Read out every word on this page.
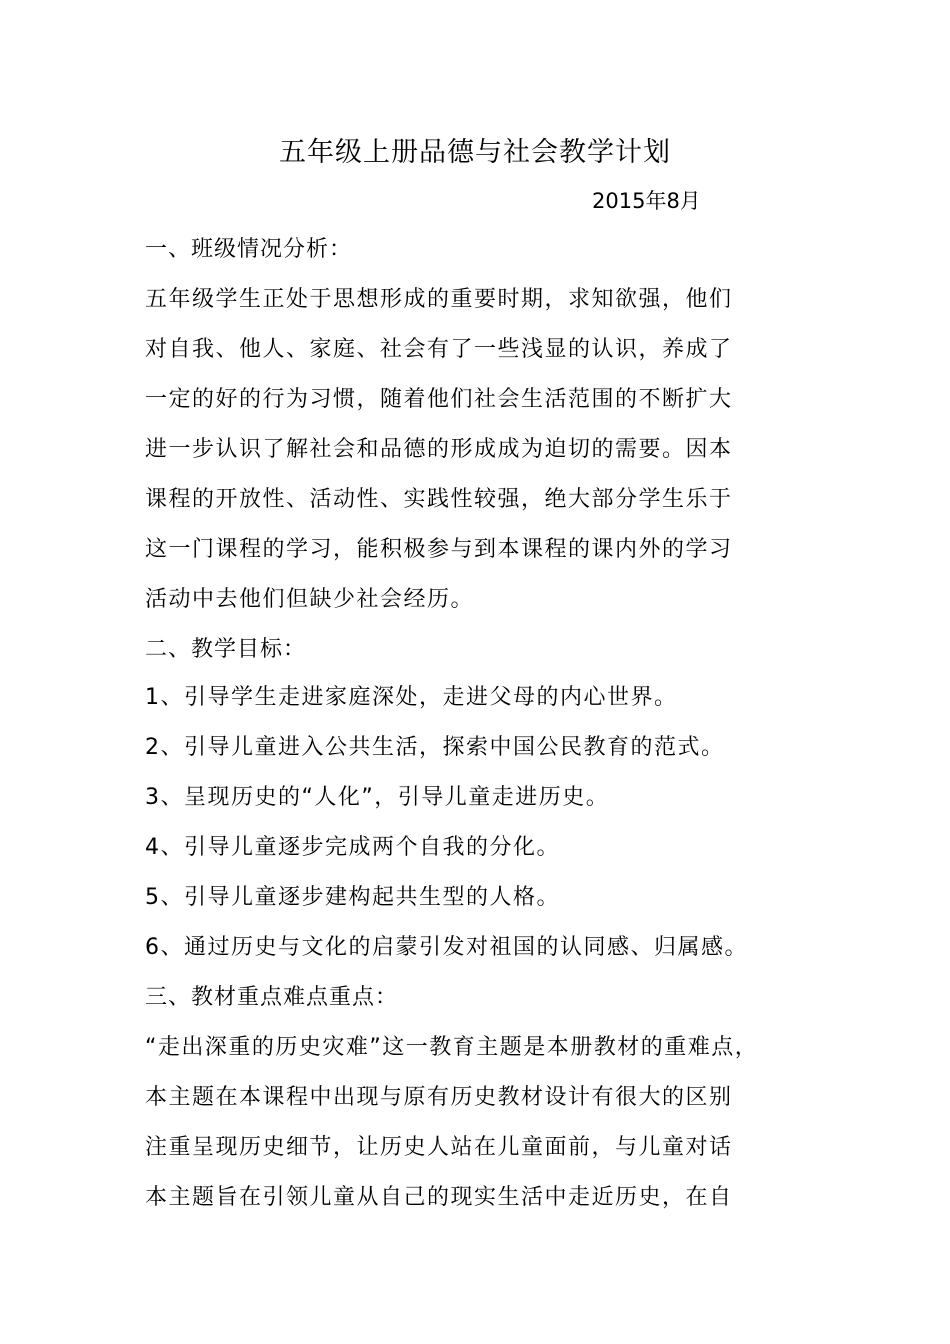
五年级上册品德与社会教学计划
2015年8月
一、班级情况分析：
五年级学生正处于思想形成的重要时期，求知欲强，他们
对自我、他人、家庭、社会有了一些浅显的认识，养成了
一定的好的行为习惯，随着他们社会生活范围的不断扩大
进一步认识了解社会和品德的形成成为迫切的需要。因本
课程的开放性、活动性、实践性较强，绝大部分学生乐于
这一门课程的学习，能积极参与到本课程的课内外的学习
活动中去他们但缺少社会经历。
二、教学目标：
1、引导学生走进家庭深处，走进父母的内心世界。
2、引导儿童进入公共生活，探索中国公民教育的范式。
3、呈现历史的“人化”，引导儿童走进历史。
4、引导儿童逐步完成两个自我的分化。
5、引导儿童逐步建构起共生型的人格。
6、通过历史与文化的启蒙引发对祖国的认同感、归属感。
三、教材重点难点重点：
“走出深重的历史灾难”这一教育主题是本册教材的重难点，
本主题在本课程中出现与原有历史教材设计有很大的区别
注重呈现历史细节，让历史人站在儿童面前，与儿童对话
本主题旨在引领儿童从自己的现实生活中走近历史，在自
